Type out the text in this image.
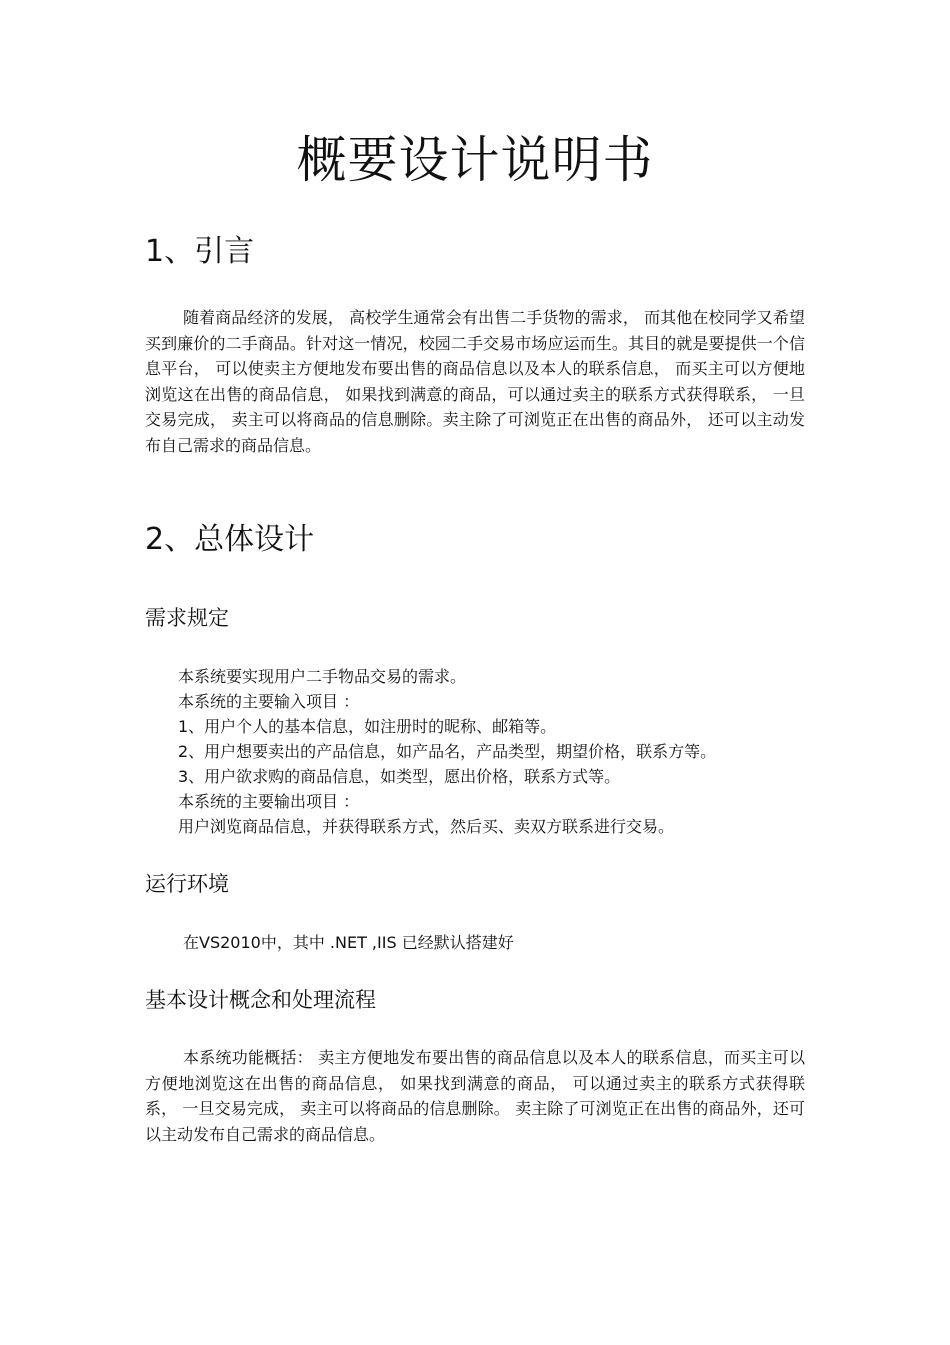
概要设计说明书
1、引言

随着商品经济的发展， 高校学生通常会有出售二手货物的需求， 而其他在校同学又希望买到廉价的二手商品。针对这一情况，校园二手交易市场应运而生。其目的就是要提供一个信息平台， 可以使卖主方便地发布要出售的商品信息以及本人的联系信息， 而买主可以方便地浏览这在出售的商品信息， 如果找到满意的商品，可以通过卖主的联系方式获得联系， 一旦交易完成， 卖主可以将商品的信息删除。卖主除了可浏览正在出售的商品外， 还可以主动发布自己需求的商品信息。

2、总体设计
需求规定
本系统要实现用户二手物品交易的需求。
本系统的主要输入项目 ：
1、用户个人的基本信息，如注册时的昵称、邮箱等。
2、用户想要卖出的产品信息，如产品名，产品类型，期望价格，联系方等。
3、用户欲求购的商品信息，如类型，愿出价格，联系方式等。
本系统的主要输出项目 ：
用户浏览商品信息，并获得联系方式，然后买、卖双方联系进行交易。
运行环境

在VS2010中，其中 .NET ,IIS 已经默认搭建好

基本设计概念和处理流程

本系统功能概括： 卖主方便地发布要出售的商品信息以及本人的联系信息，而买主可以方便地浏览这在出售的商品信息， 如果找到满意的商品， 可以通过卖主的联系方式获得联系， 一旦交易完成， 卖主可以将商品的信息删除。 卖主除了可浏览正在出售的商品外，还可以主动发布自己需求的商品信息。
